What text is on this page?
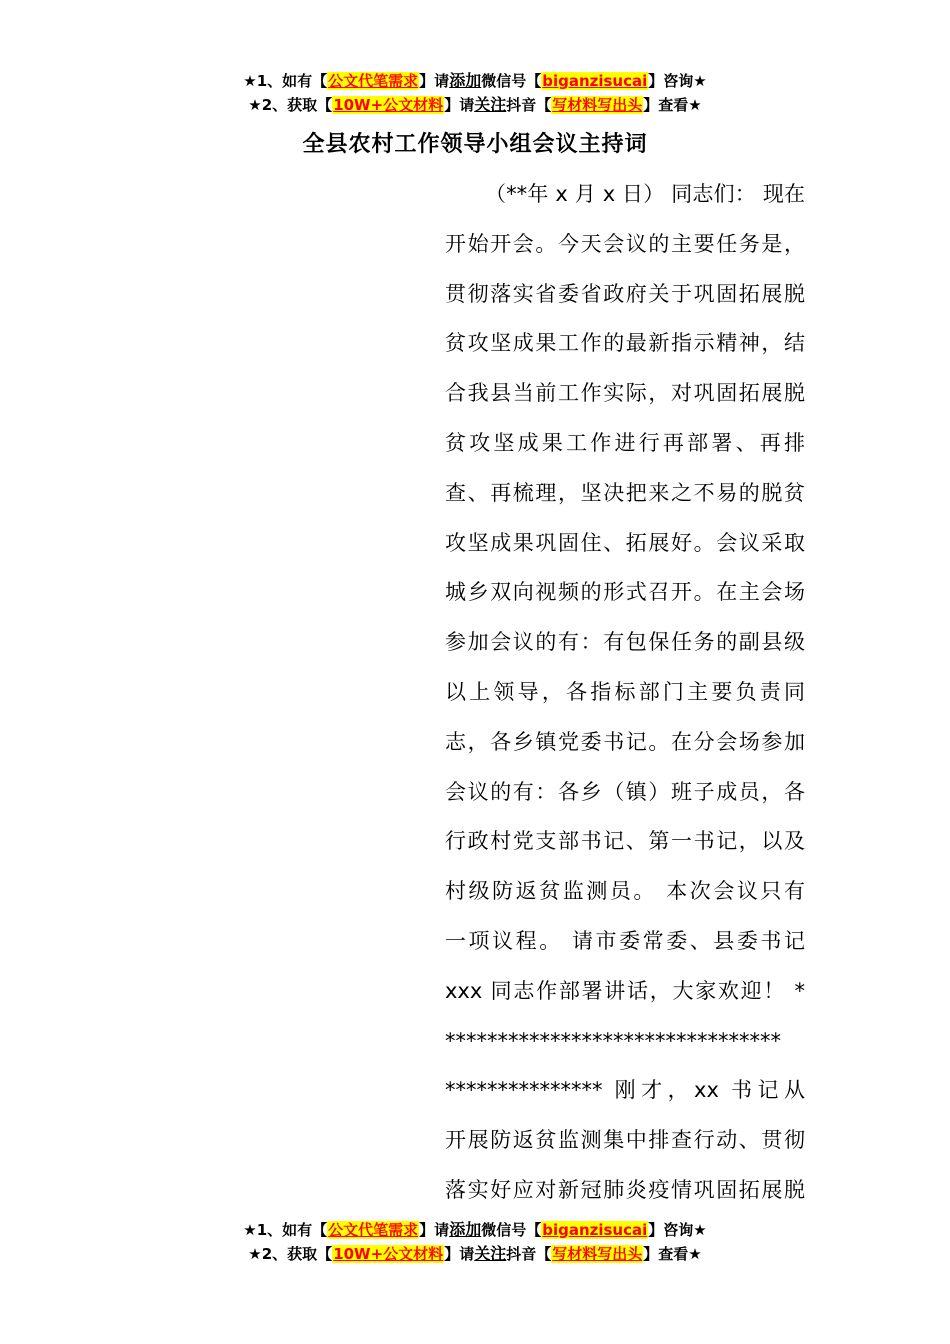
★1、如有【公文代笔需求】请添加微信号【biganzisucai】咨询★
★2、获取【10W+公文材料】请关注抖音【写材料写出头】查看★
全县农村工作领导小组会议主持词
（**年 x 月 x 日） 同志们： 现在
开始开会。今天会议的主要任务是，
贯彻落实省委省政府关于巩固拓展脱
贫攻坚成果工作的最新指示精神，结
合我县当前工作实际，对巩固拓展脱
贫攻坚成果工作进行再部署、再排
查、再梳理，坚决把来之不易的脱贫
攻坚成果巩固住、拓展好。会议采取
城乡双向视频的形式召开。在主会场
参加会议的有：有包保任务的副县级
以上领导，各指标部门主要负责同
志，各乡镇党委书记。在分会场参加
会议的有：各乡（镇）班子成员，各
行政村党支部书记、第一书记，以及
村级防返贫监测员。 本次会议只有
一项议程。 请市委常委、县委书记
xxx 同志作部署讲话，大家欢迎！ *
********************************
*************** 刚才，xx 书记从
开展防返贫监测集中排查行动、贯彻
落实好应对新冠肺炎疫情巩固拓展脱
★1、如有【公文代笔需求】请添加微信号【biganzisucai】咨询★
★2、获取【10W+公文材料】请关注抖音【写材料写出头】查看★
